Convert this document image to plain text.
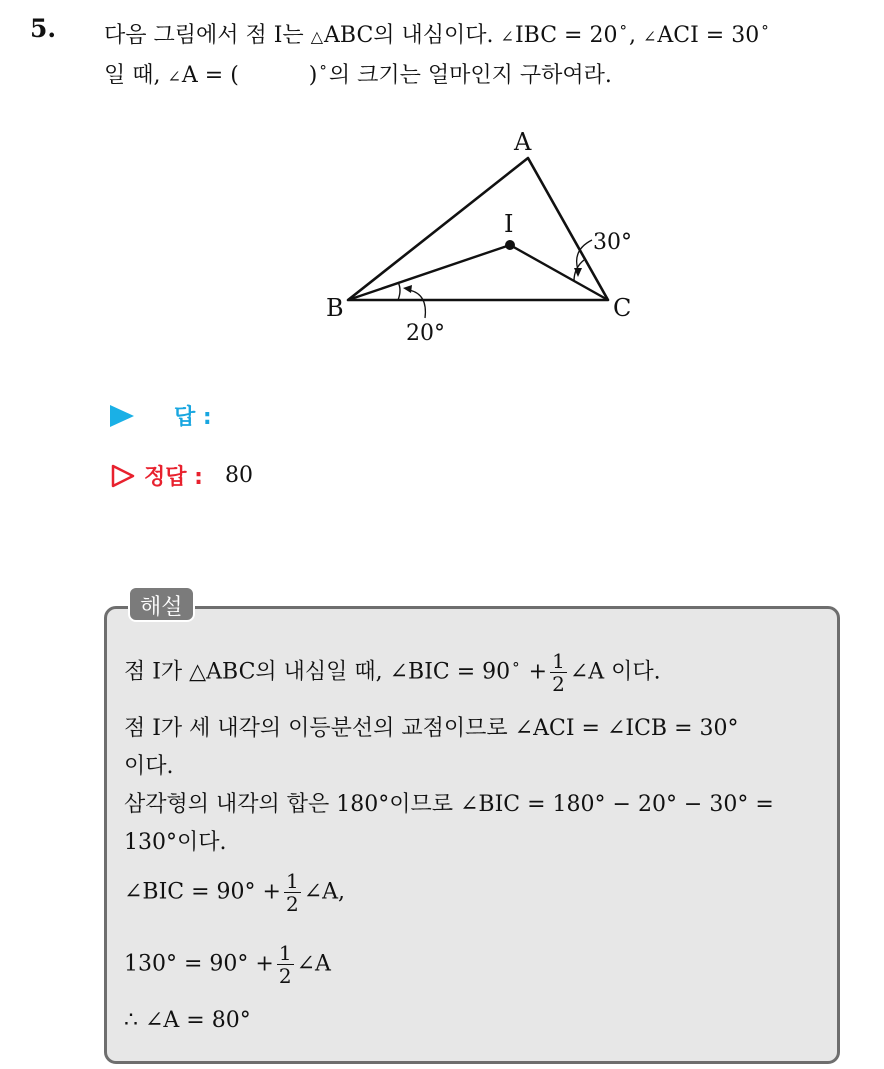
5. 다음 그림에서 점 I는 △ABC의 내심이다. ∠IBC = 20 °, ∠ACI = 30 °
일 때, ∠A = (	) °의 크기는 얼마인지 구하여라.
A
B	C
I
20°
30°
답 :
정답 : 80
해설
점 I가 △ABC의 내심일 때, ∠BIC = 90 $^\circ + \frac{1}{2}$ ∠A 이다.
점 I가 세 내각의 이등분선의 교점이므로 ∠ACI = ∠ICB = 30°
이다.
삼각형의 내각의 합은 180°이므로 ∠BIC = 180° − 20° − 30° =
130°이다.
∠BIC = $90^\circ + \frac{1}{2}$ ∠A,
$130^\circ = 90^\circ + \frac{1}{2}$ ∠A
∴ ∠A = 80°
